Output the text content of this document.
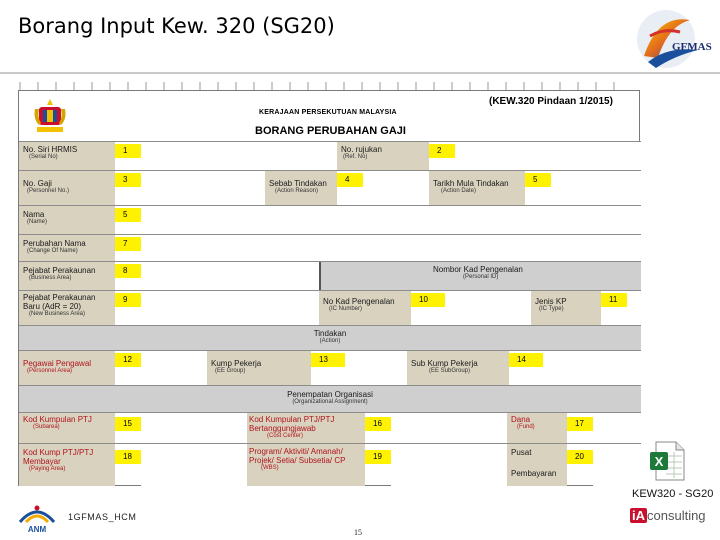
Borang Input Kew. 320 (SG20)
GFMAS
KERAJAAN PERSEKUTUAN MALAYSIA
(KEW.320 Pindaan 1/2015)
BORANG PERUBAHAN GAJI
No. Siri HRMIS
(Serial No)
1	No. rujukan
(Ref. No)
2
No. Gaji
(Personnel No.)
3	Sebab Tindakan
(Action Reason)
4	Tarikh Mula Tindakan
(Action Date)
5
Nama
(Name)
5
Perubahan Nama
(Change Of Name)
7
Pejabat Perakaunan
(Business Area)
8	Nombor Kad Pengenalan
(Personal ID)
Pejabat Perakaunan Baru (AdR = 20)
(New Business Area)
9	No Kad Pengenalan
(IC Number)
10	Jenis KP
(IC Type)
11
Tindakan
(Action)
Pegawai Pengawal
(Personnel Area)
12	Kump Pekerja
(EE Group)
13	Sub Kump Pekerja
(EE SubGroup)
14
Penempatan Organisasi
(Organizational Assignment)
Kod Kumpulan PTJ
(Subarea)	15	Kod Kumpulan PTJ/PTJ Bertanggungjawab
(Cost Center)
16	Dana
(Fund)	17
Kod Kump PTJ/PTJ Membayar
(Paying Area)
18
Program/ Aktiviti/ Amanah/ Projek/ Setia/ Subsetia/ CP
(WBS)
19	Pusat
Pembayaran
20	X
KEW320 - SG20
ANM
1GFMAS_HCM
15
iA consulting
